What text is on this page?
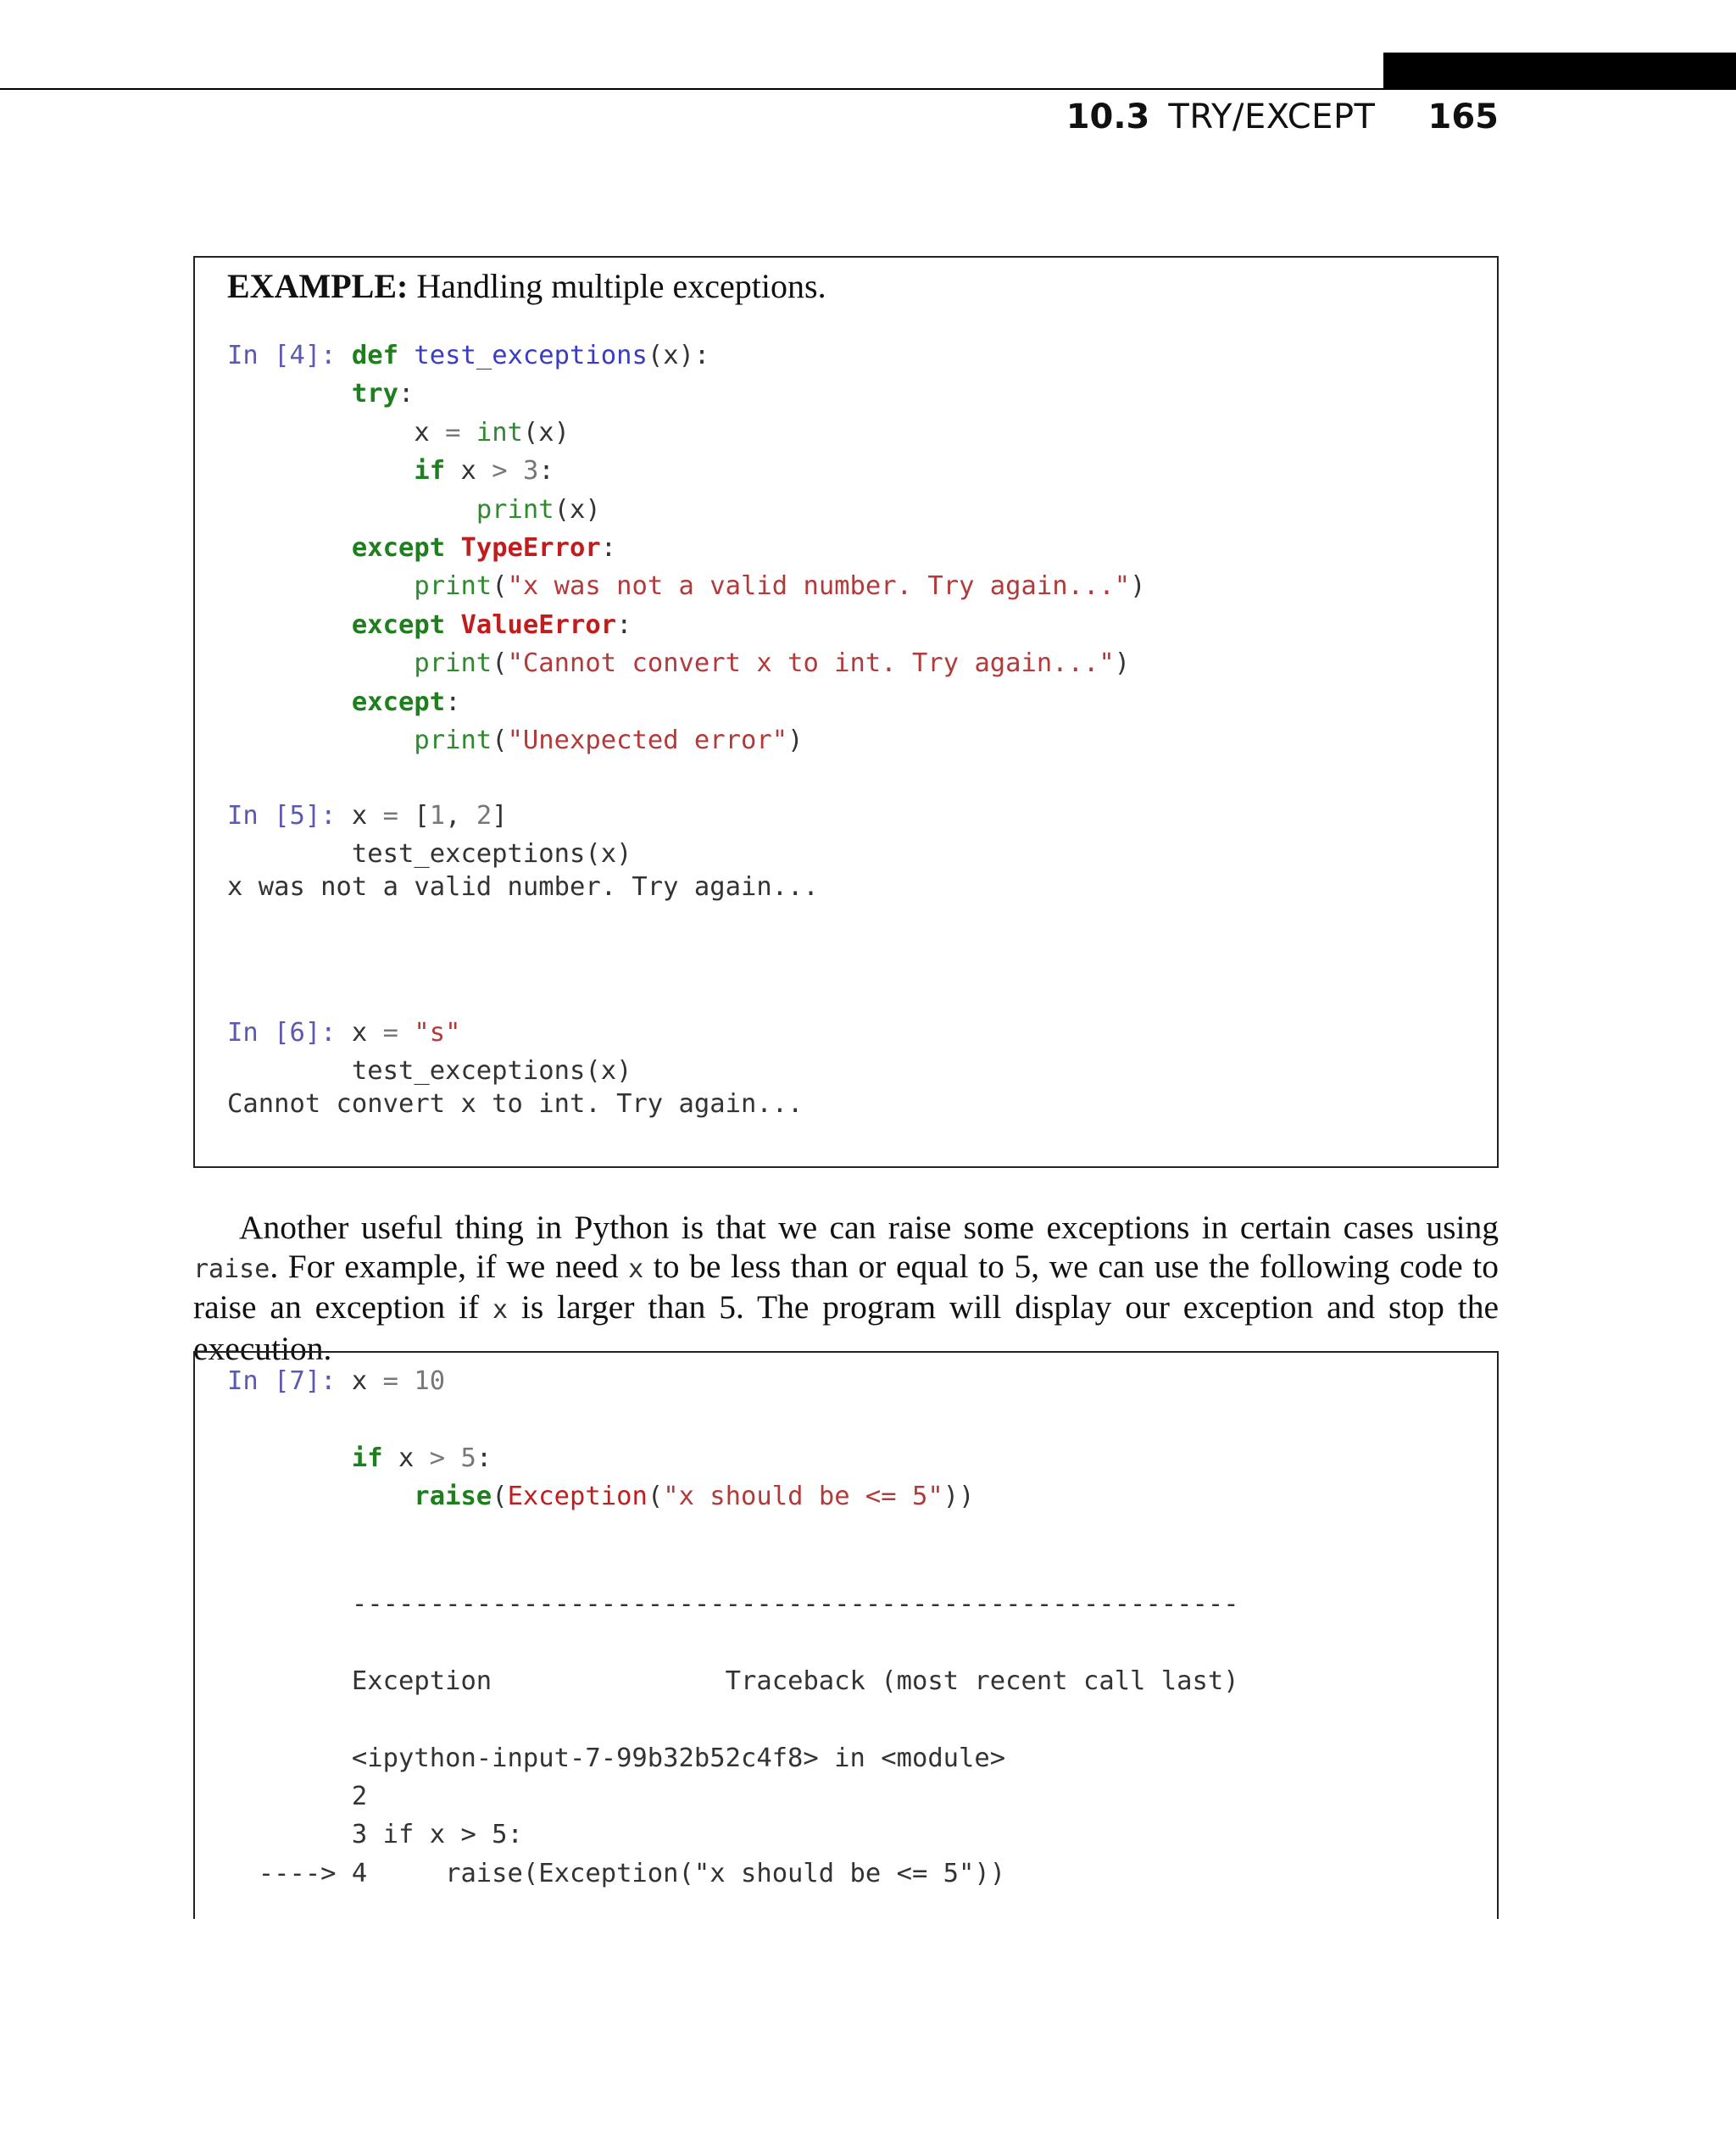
10.3 TRY/EXCEPT 165
EXAMPLE: Handling multiple exceptions.
In [4]: def test_exceptions(x):
try:
x = int(x)
if x > 3:
print(x)
except TypeError:
print("x was not a valid number. Try again...")
except ValueError:
print("Cannot convert x to int. Try again...")
except:
print("Unexpected error")
In [5]: x = [1, 2]
test_exceptions(x)
x was not a valid number. Try again...
In [6]: x = "s"
test_exceptions(x)
Cannot convert x to int. Try again...

Another useful thing in Python is that we can raise some exceptions in certain cases using raise. For example, if we need x to be less than or equal to 5, we can use the following code to raise an exception if x is larger than 5. The program will display our exception and stop the execution.

In [7]: x = 10

if x > 5:
raise(Exception("x should be <= 5"))
---------------------------------------------------------

Exception	Traceback (most recent call last)

<ipython-input-7-99b32b52c4f8> in <module>
2
3 if x > 5:
----> 4     raise(Exception("x should be <= 5"))
